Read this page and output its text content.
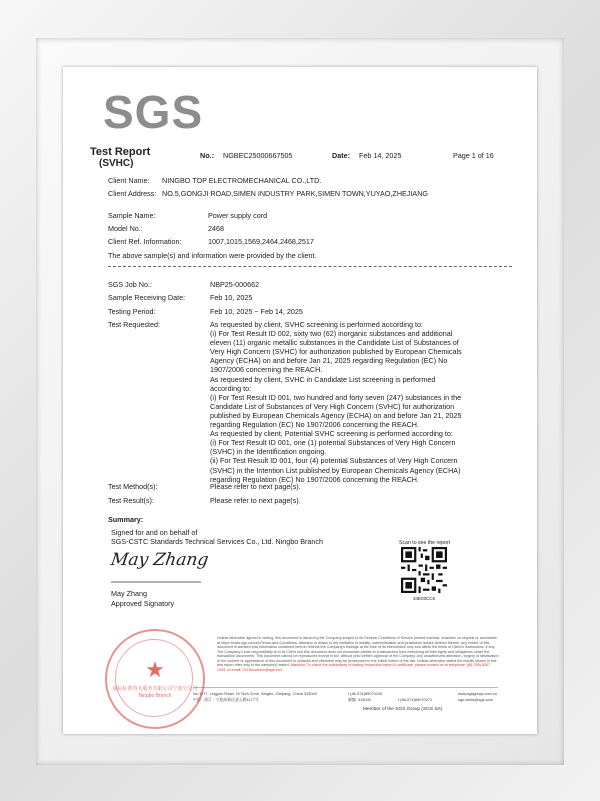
SGS
Test Report
(SVHC)
No.: NGBEC25000667505	Date: Feb 14, 2025	Page 1 of 16
Client Name: NINGBO TOP ELECTROMECHANICAL CO.,LTD.
Client Address: NO.5,GONGJI ROAD,SIMEN INDUSTRY PARK,SIMEN TOWN,YUYAO,ZHEJIANG
Sample Name:	Power supply cord
Model No.:	2468
Client Ref. Information:	1007,1015,1569,2464,2468,2517
The above sample(s) and information were provided by the client.
SGS Job No.:	NBP25-000662
Sample Receiving Date:	Feb 10, 2025
Testing Period:	Feb 10, 2025 ~ Feb 14, 2025
Test Requested:	As requested by client, SVHC screening is performed according to:
(i) For Test Result ID 002, sixty two (62) inorganic substances and additional
eleven (11) organic metallic substances in the Candidate List of Substances of
Very High Concern (SVHC) for authorization published by European Chemicals
Agency (ECHA) on and before Jan 21, 2025 regarding Regulation (EC) No
1907/2006 concerning the REACH.
As requested by client, SVHC in Candidate List screening is performed
according to:
(i) For Test Result ID 001, two hundred and forty seven (247) substances in the
Candidate List of Substances of Very High Concern (SVHC) for authorization
published by European Chemicals Agency (ECHA) on and before Jan 21, 2025
regarding Regulation (EC) No 1907/2006 concerning the REACH.
As requested by client, Potential SVHC screening is performed according to:
(i) For Test Result ID 001, one (1) potential Substances of Very High Concern
(SVHC) in the Identification ongoing.
(ii) For Test Result ID 001, four (4) potential Substances of Very High Concern
(SVHC) in the Intention List published by European Chemicals Agency (ECHA)
regarding Regulation (EC) No 1907/2006 concerning the REACH.
Test Method(s):	Please refer to next page(s).
Test Result(s):	Please refer to next page(s).
Summary:
Signed for and on behalf of
SGS-CSTC Standards Technical Services Co., Ltd. Ningbo Branch
May Zhang
May Zhang
Approved Signatory
Scan to see the report
34E03CC6
★
通标标准技术服务有限公司宁波分公司
Ningbo Branch
Unless otherwise agreed in writing, this document is issued by the Company subject to its General Conditions of Service printed overleaf, available on request or accessible at https://www.sgs.com/en/Terms-and-Conditions. Attention is drawn to the limitation of liability, indemnification and jurisdiction issues defined therein. Any holder of this document is advised that information contained hereon reflects the Company's findings at the time of its intervention only and within the limits of Client's instructions, if any. The Company's sole responsibility is to its Client and this document does not exonerate parties to a transaction from exercising all their rights and obligations under the transaction documents. This document cannot be reproduced except in full, without prior written approval of the Company. Any unauthorized alteration, forgery or falsification of the content or appearance of this document is unlawful and offenders may be prosecuted to the fullest extent of the law. Unless otherwise stated the results shown in this test report refer only to the sample(s) tested. Attention: To check the authenticity of testing /inspection report & certificate, please contact us at telephone: (86-755) 8307 1443, or email: CN.Doccheck@sgs.com
No.1177, Lingyun Road, Hi-Tech Zone, Ningbo, Zhejiang, China 315040
中国 · 浙江 · 宁波高新区凌云路1177号
t (86-574)89070249
邮编: 315040	f (86-574)89070271
www.sgsgroup.com.cn
sgs.china@sgs.com
Member of the SGS Group (SGS SA)
